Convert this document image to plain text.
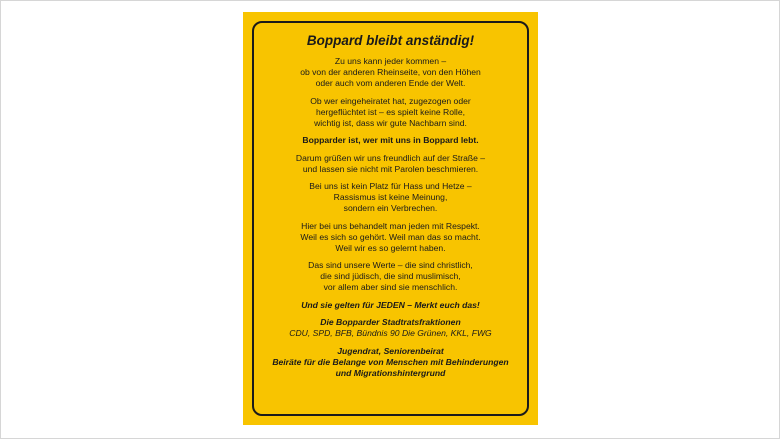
Boppard bleibt anständig!
Zu uns kann jeder kommen –
ob von der anderen Rheinseite, von den Höhen
oder auch vom anderen Ende der Welt.
Ob wer eingeheiratet hat, zugezogen oder
hergeflüchtet ist – es spielt keine Rolle,
wichtig ist, dass wir gute Nachbarn sind.
Bopparder ist, wer mit uns in Boppard lebt.
Darum grüßen wir uns freundlich auf der Straße –
und lassen sie nicht mit Parolen beschmieren.
Bei uns ist kein Platz für Hass und Hetze –
Rassismus ist keine Meinung,
sondern ein Verbrechen.
Hier bei uns behandelt man jeden mit Respekt.
Weil es sich so gehört. Weil man das so macht.
Weil wir es so gelernt haben.
Das sind unsere Werte – die sind christlich,
die sind jüdisch, die sind muslimisch,
vor allem aber sind sie menschlich.
Und sie gelten für JEDEN – Merkt euch das!
Die Bopparder Stadtratsfraktionen
CDU, SPD, BFB, Bündnis 90 Die Grünen, KKL, FWG
Jugendrat, Seniorenbeirat
Beiräte für die Belange von Menschen mit Behinderungen
und Migrationshintergrund
